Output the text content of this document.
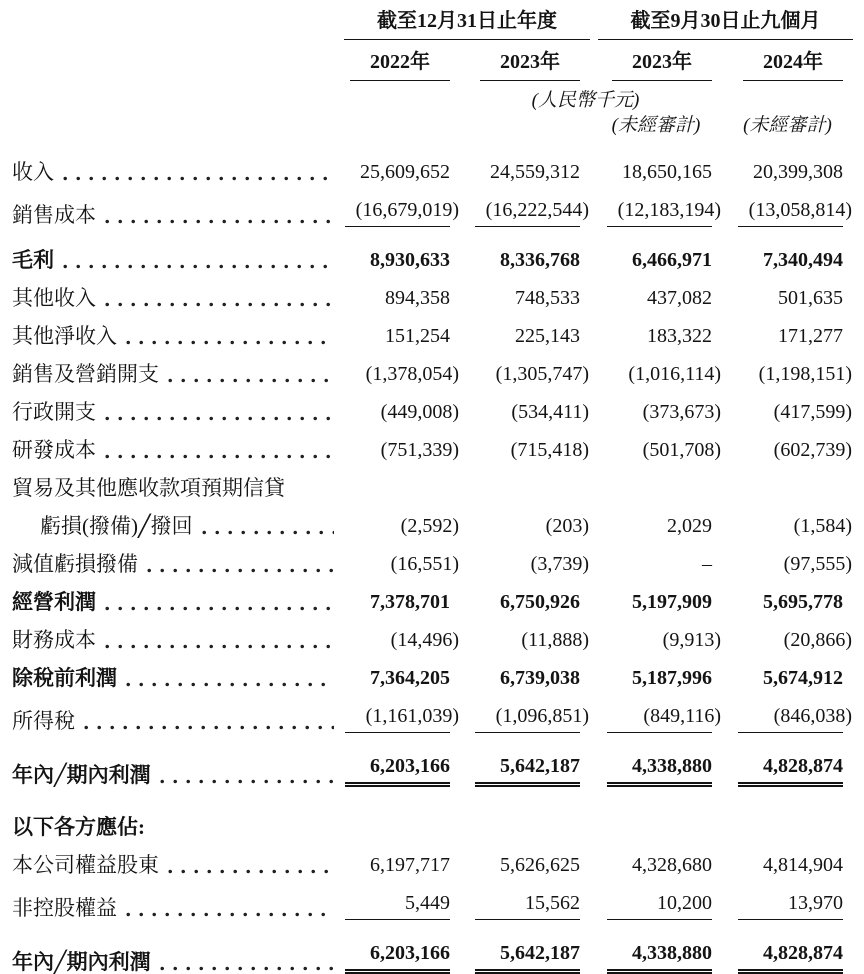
截至12月31日止年度	截至9月30日止九個月
2022年	2023年	2023年	2024年
(人民幣千元)
(未經審計)	(未經審計)
收入	25,609,652	24,559,312	18,650,165	20,399,308
銷售成本	(16,679,019)	(16,222,544)	(12,183,194)	(13,058,814)
毛利	8,930,633	8,336,768	6,466,971	7,340,494
其他收入	894,358	748,533	437,082	501,635
其他淨收入	151,254	225,143	183,322	171,277
銷售及營銷開支	(1,378,054)	(1,305,747)	(1,016,114)	(1,198,151)
行政開支	(449,008)	(534,411)	(373,673)	(417,599)
研發成本	(751,339)	(715,418)	(501,708)	(602,739)
貿易及其他應收款項預期信貸
虧損(撥備)╱撥回	(2,592)	(203)	2,029	(1,584)
減值虧損撥備	(16,551)	(3,739)	–	(97,555)
經營利潤	7,378,701	6,750,926	5,197,909	5,695,778
財務成本	(14,496)	(11,888)	(9,913)	(20,866)
除稅前利潤	7,364,205	6,739,038	5,187,996	5,674,912
所得稅	(1,161,039)	(1,096,851)	(849,116)	(846,038)
年內╱期內利潤	6,203,166	5,642,187	4,338,880	4,828,874
以下各方應佔:
本公司權益股東	6,197,717	5,626,625	4,328,680	4,814,904
非控股權益	5,449	15,562	10,200	13,970
年內╱期內利潤	6,203,166	5,642,187	4,338,880	4,828,874
